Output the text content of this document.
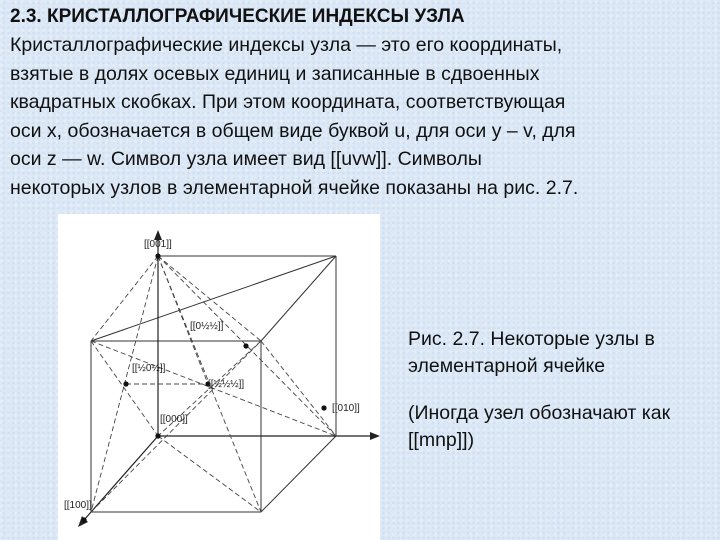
2.3. КРИСТАЛЛОГРАФИЧЕСКИЕ ИНДЕКСЫ УЗЛА

Кристаллографические индексы узла — это его координаты,

взятые в долях осевых единиц и записанные в сдвоенных

квадратных скобках. При этом координата, соответствующая

оси x, обозначается в общем виде буквой u, для оси y – v, для

оси z — w. Символ узла имеет вид [[uvw]]. Символы

некоторых узлов в элементарной ячейке показаны на рис. 2.7.

[[001]]
[[0½½]]
[[½0½]]
[[½½½]]
[[000]]
[[010]]
[[100]]

Рис. 2.7. Некоторые узлы в элементарной ячейке

(Иногда узел обозначают как [[mnp]])
